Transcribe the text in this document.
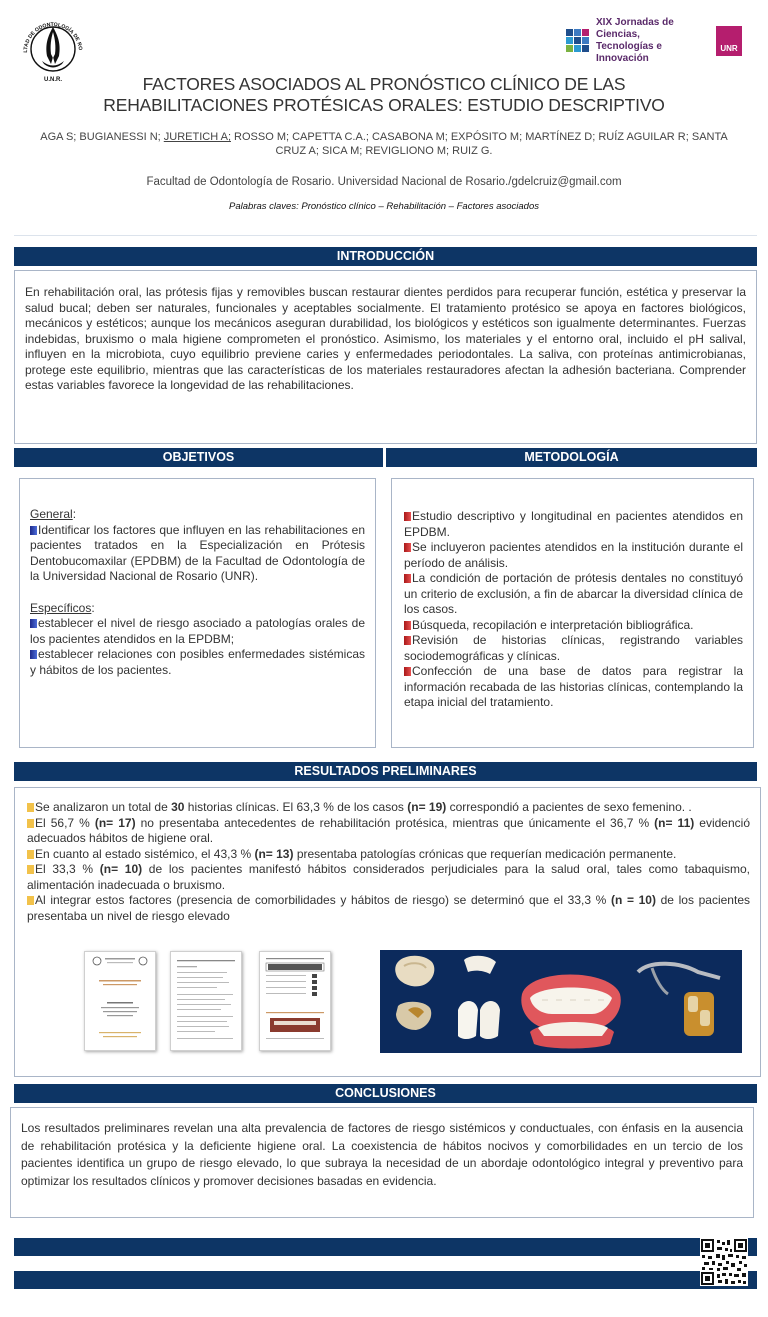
LTAD DE ODONTOLOGÍA DE RO
U.N.R.
XIX Jornadas de Ciencias,
Tecnologías e Innovación
UNR
FACTORES ASOCIADOS AL PRONÓSTICO CLÍNICO DE LAS
REHABILITACIONES PROTÉSICAS ORALES: ESTUDIO DESCRIPTIVO
AGA S; BUGIANESSI N; JURETICH A; ROSSO M; CAPETTA C.A.; CASABONA M; EXPÓSITO M; MARTÍNEZ D; RUÍZ AGUILAR R; SANTA CRUZ A; SICA M; REVIGLIONO M; RUIZ G.
Facultad de Odontología de Rosario. Universidad Nacional de Rosario./gdelcruiz@gmail.com
Palabras claves: Pronóstico clínico – Rehabilitación – Factores asociados
INTRODUCCIÓN

En rehabilitación oral, las prótesis fijas y removibles buscan restaurar dientes perdidos para recuperar función, estética y preservar la salud bucal; deben ser naturales, funcionales y aceptables socialmente. El tratamiento protésico se apoya en factores biológicos, mecánicos y estéticos; aunque los mecánicos aseguran durabilidad, los biológicos y estéticos son igualmente determinantes. Fuerzas indebidas, bruxismo o mala higiene comprometen el pronóstico. Asimismo, los materiales y el entorno oral, incluido el pH salival, influyen en la microbiota, cuyo equilibrio previene caries y enfermedades periodontales. La saliva, con proteínas antimicrobianas, protege este equilibrio, mientras que las características de los materiales restauradores afectan la adhesión bacteriana. Comprender estas variables favorece la longevidad de las rehabilitaciones.

OBJETIVOS

General:

Identificar los factores que influyen en las rehabilitaciones en pacientes tratados en la Especialización en Prótesis Dentobucomaxilar (EPDBM) de la Facultad de Odontología de la Universidad Nacional de Rosario (UNR).

Específicos:

establecer el nivel de riesgo asociado a patologías orales de los pacientes atendidos en la EPDBM;

establecer relaciones con posibles enfermedades sistémicas y hábitos de los pacientes.

METODOLOGÍA

Estudio descriptivo y longitudinal en pacientes atendidos en EPDBM.

Se incluyeron pacientes atendidos en la institución durante el período de análisis.

La condición de portación de prótesis dentales no constituyó un criterio de exclusión, a fin de abarcar la diversidad clínica de los casos.

Búsqueda, recopilación e interpretación bibliográfica.

Revisión de historias clínicas, registrando variables sociodemográficas y clínicas.

Confección de una base de datos para registrar la información recabada de las historias clínicas, contemplando la etapa inicial del tratamiento.

RESULTADOS PRELIMINARES

Se analizaron un total de 30 historias clínicas. El 63,3 % de los casos (n= 19) correspondió a pacientes de sexo femenino. .

El 56,7 % (n= 17) no presentaba antecedentes de rehabilitación protésica, mientras que únicamente el 36,7 % (n= 11) evidenció adecuados hábitos de higiene oral.

En cuanto al estado sistémico, el 43,3 % (n= 13) presentaba patologías crónicas que requerían medicación permanente.

El 33,3 % (n= 10) de los pacientes manifestó hábitos considerados perjudiciales para la salud oral, tales como tabaquismo, alimentación inadecuada o bruxismo.

Al integrar estos factores (presencia de comorbilidades y hábitos de riesgo) se determinó que el 33,3 % (n = 10) de los pacientes presentaba un nivel de riesgo elevado

CONCLUSIONES

Los resultados preliminares revelan una alta prevalencia de factores de riesgo sistémicos y conductuales, con énfasis en la ausencia de rehabilitación protésica y la deficiente higiene oral. La coexistencia de hábitos nocivos y comorbilidades en un tercio de los pacientes identifica un grupo de riesgo elevado, lo que subraya la necesidad de un abordaje odontológico integral y preventivo para optimizar los resultados clínicos y promover decisiones basadas en evidencia.
